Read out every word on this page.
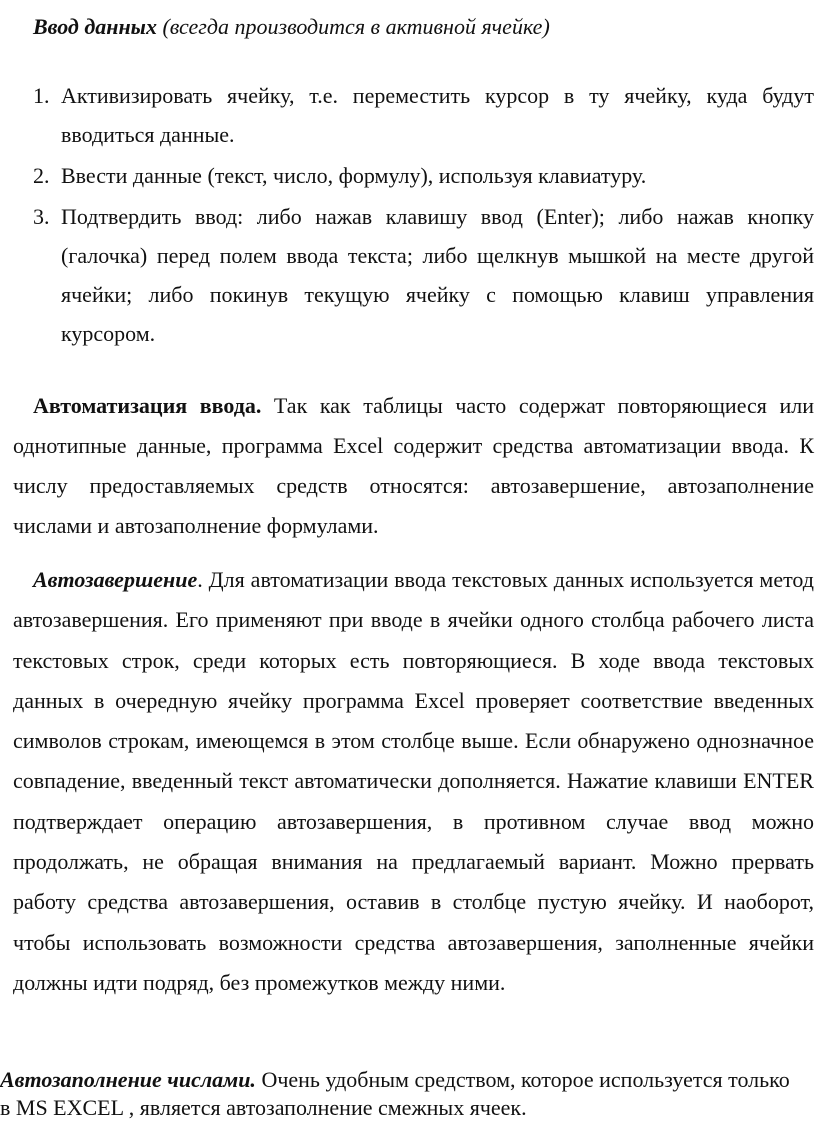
Ввод данных (всегда производится в активной ячейке)
1. Активизировать ячейку, т.е. переместить курсор в ту ячейку, куда будут вводиться данные.
2. Ввести данные (текст, число, формулу), используя клавиатуру.
3. Подтвердить ввод: либо нажав клавишу ввод (Enter); либо нажав кнопку (галочка) перед полем ввода текста; либо щелкнув мышкой на месте другой ячейки; либо покинув текущую ячейку с помощью клавиш управления курсором.

Автоматизация ввода. Так как таблицы часто содержат повторяющиеся или однотипные данные, программа Excel содержит средства автоматизации ввода. К числу предоставляемых средств относятся: автозавершение, автозаполнение числами и автозаполнение формулами.

Автозавершение. Для автоматизации ввода текстовых данных используется метод автозавершения. Его применяют при вводе в ячейки одного столбца рабочего листа текстовых строк, среди которых есть повторяющиеся. В ходе ввода текстовых данных в очередную ячейку программа Excel проверяет соответствие введенных символов строкам, имеющемся в этом столбце выше. Если обнаружено однозначное совпадение, введенный текст автоматически дополняется. Нажатие клавиши ENTER подтверждает операцию автозавершения, в противном случае ввод можно продолжать, не обращая внимания на предлагаемый вариант. Можно прервать работу средства автозавершения, оставив в столбце пустую ячейку. И наоборот, чтобы использовать возможности средства автозавершения, заполненные ячейки должны идти подряд, без промежутков между ними.

Автозаполнение числами. Очень удобным средством, которое используется только в MS EXCEL , является автозаполнение смежных ячеек.
